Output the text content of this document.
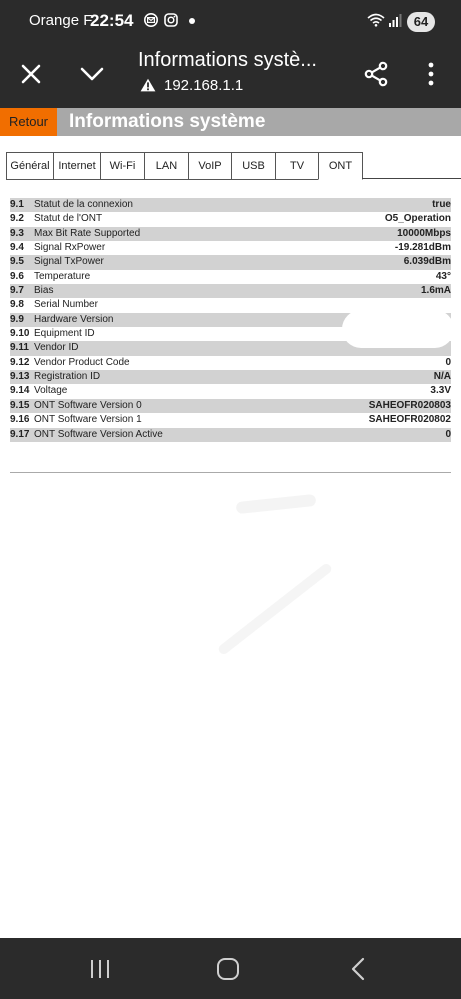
Orange F
22:54	64
Informations systè...
192.168.1.1
Retour	Informations système
Général Internet	Wi-Fi	LAN	VoIP	USB	TV	ONT
9.1 Statut de la connexion	true
9.2 Statut de l'ONT	O5_Operation
9.3 Max Bit Rate Supported	10000Mbps
9.4 Signal RxPower	-19.281dBm
9.5 Signal TxPower	6.039dBm
9.6 Temperature	43°
9.7 Bias	1.6mA
9.8 Serial Number
9.9 Hardware Version
9.10 Equipment ID
9.11 Vendor ID
9.12 Vendor Product Code	0
9.13 Registration ID	N/A
9.14 Voltage	3.3V
9.15 ONT Software Version 0	SAHEOFR020803
9.16 ONT Software Version 1	SAHEOFR020802
9.17 ONT Software Version Active	0
